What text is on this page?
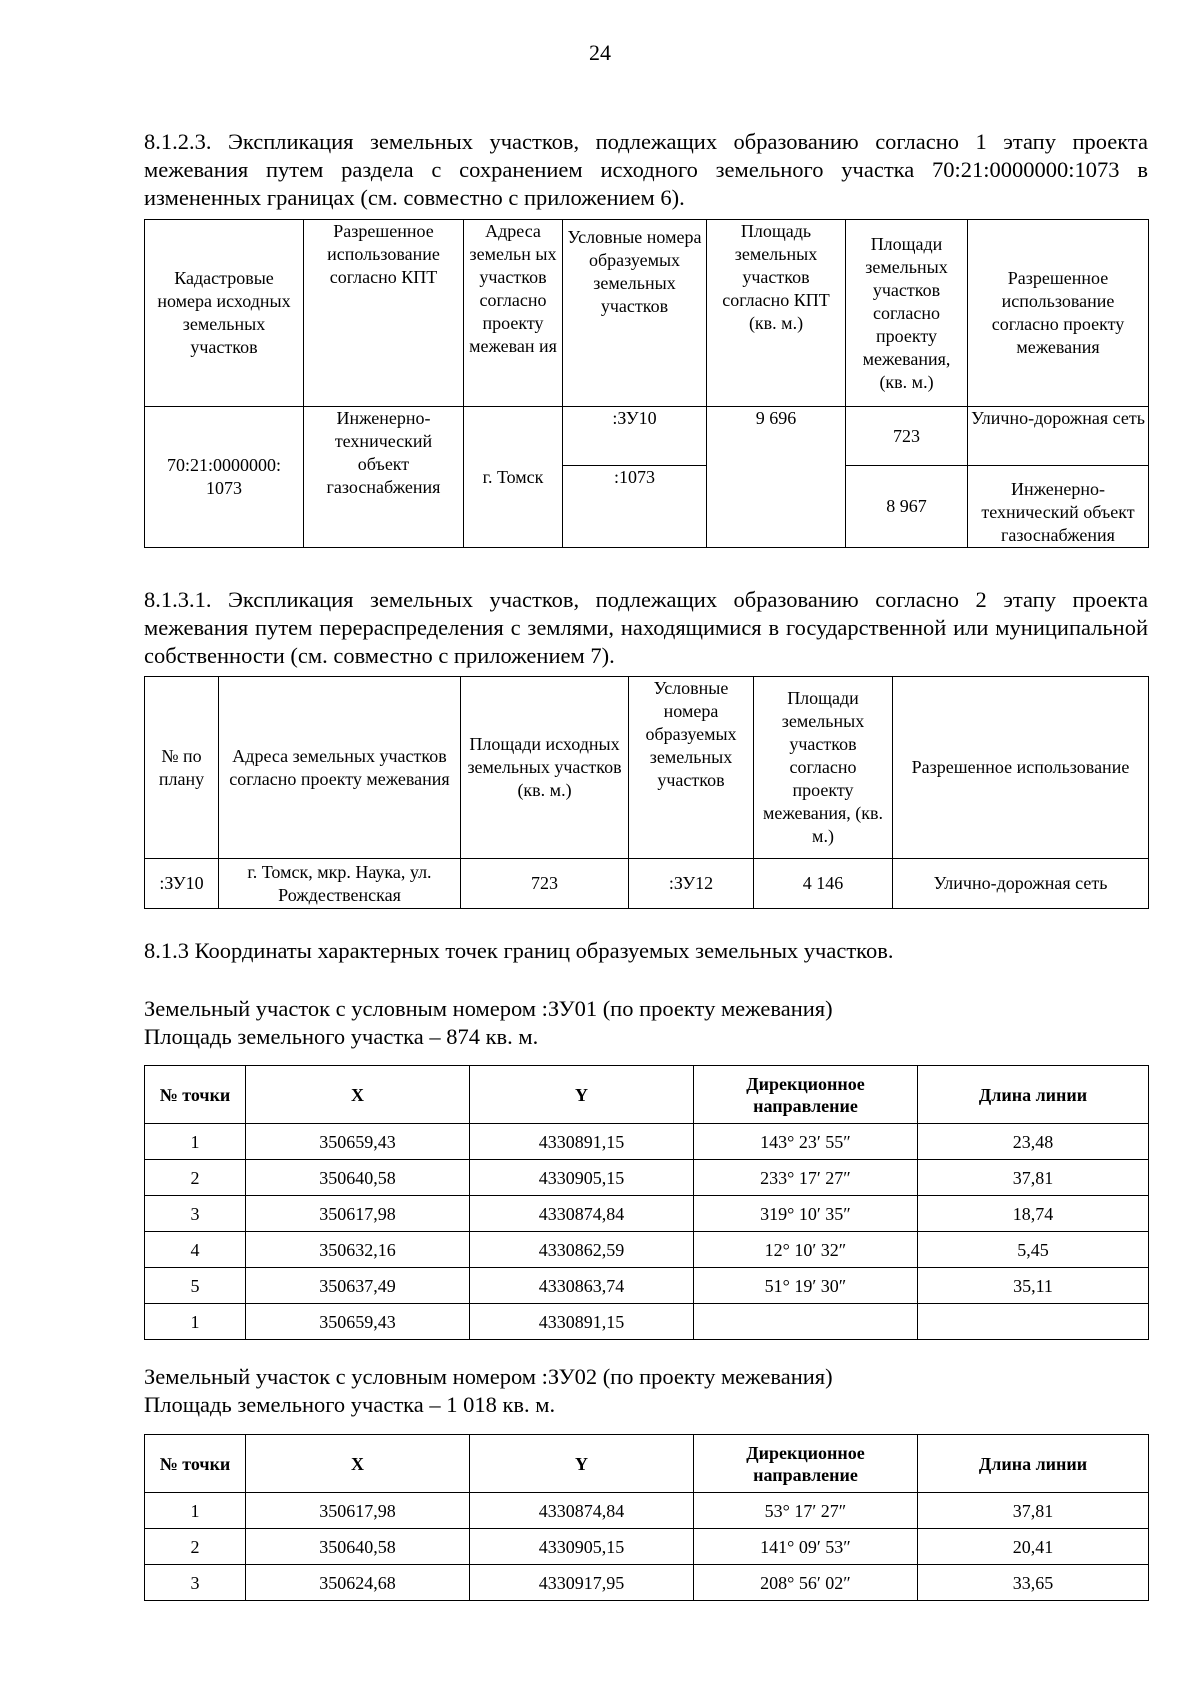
24
8.1.2.3. Экспликация земельных участков, подлежащих образованию согласно 1 этапу проекта межевания путем раздела с сохранением исходного земельного участка 70:21:0000000:1073 в измененных границах (см. совместно с приложением 6).
Кадастровые номера исходных земельных участков	Разрешенное использование согласно КПТ	Адреса земельн ых участков согласно проекту межеван ия	Условные номера образуемых земельных участков	Площадь земельных участков согласно КПТ (кв. м.)	Площади земельных участков согласно проекту межевания, (кв. м.)	Разрешенное использование согласно проекту межевания
70:21:0000000: 1073	Инженерно-технический объект газоснабжения	г. Томск	:ЗУ10	9 696	723	Улично-дорожная сеть
			:1073		8 967	Инженерно-технический объект газоснабжения
8.1.3.1. Экспликация земельных участков, подлежащих образованию согласно 2 этапу проекта межевания путем перераспределения с землями, находящимися в государственной или муниципальной собственности (см. совместно с приложением 7).
№ по плану	Адреса земельных участков согласно проекту межевания	Площади исходных земельных участков (кв. м.)	Условные номера образуемых земельных участков	Площади земельных участков согласно проекту межевания, (кв. м.)	Разрешенное использование
:ЗУ10	г. Томск, мкр. Наука, ул. Рождественская	723	:ЗУ12	4 146	Улично-дорожная сеть
8.1.3 Координаты характерных точек границ образуемых земельных участков.
Земельный участок с условным номером :ЗУ01 (по проекту межевания)
Площадь земельного участка – 874 кв. м.
№ точки	X	Y	Дирекционное направление	Длина линии
1	350659,43	4330891,15	143° 23′ 55″	23,48
2	350640,58	4330905,15	233° 17′ 27″	37,81
3	350617,98	4330874,84	319° 10′ 35″	18,74
4	350632,16	4330862,59	12° 10′ 32″	5,45
5	350637,49	4330863,74	51° 19′ 30″	35,11
1	350659,43	4330891,15		
Земельный участок с условным номером :ЗУ02 (по проекту межевания)
Площадь земельного участка – 1 018 кв. м.
№ точки	X	Y	Дирекционное направление	Длина линии
1	350617,98	4330874,84	53° 17′ 27″	37,81
2	350640,58	4330905,15	141° 09′ 53″	20,41
3	350624,68	4330917,95	208° 56′ 02″	33,65
